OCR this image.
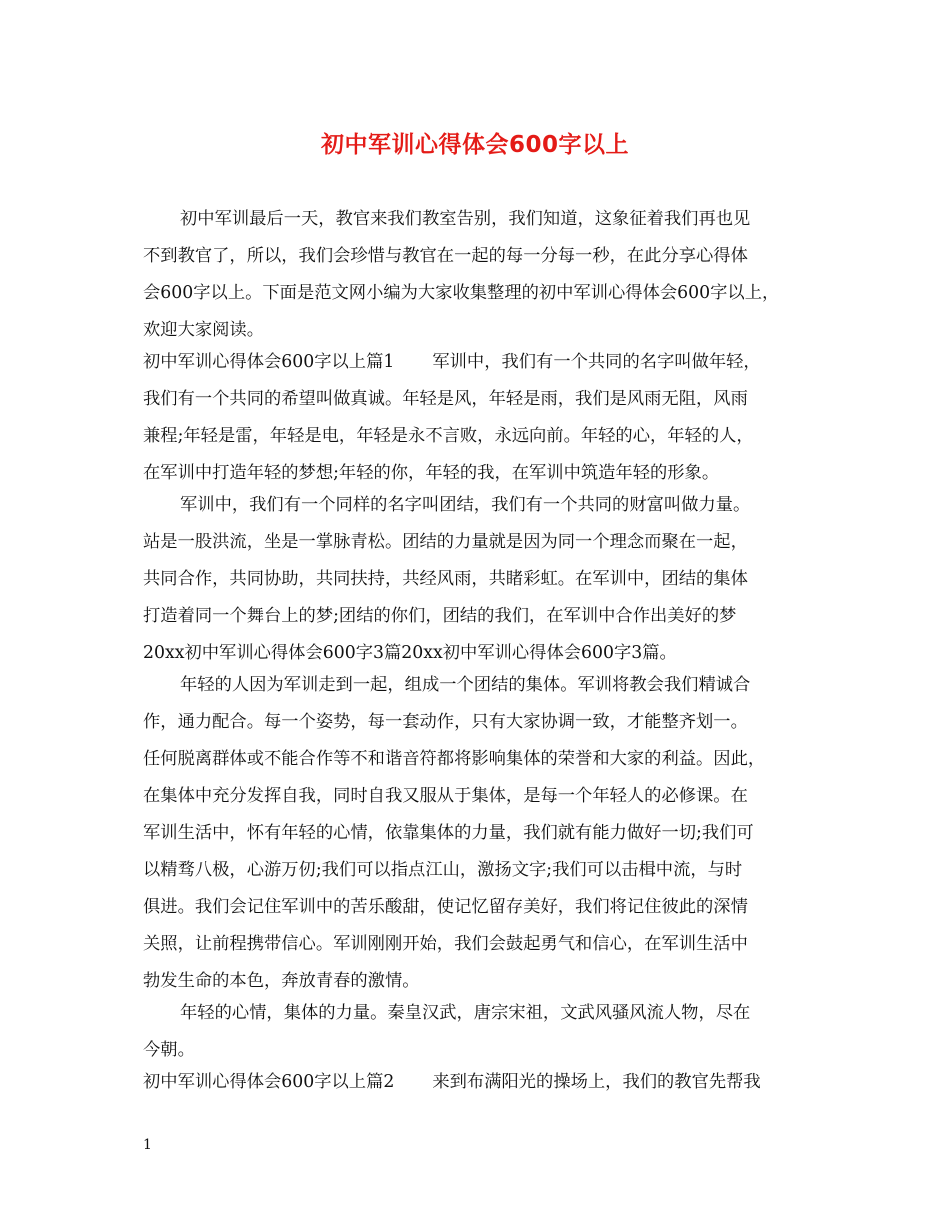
初中军训心得体会600字以上
初中军训最后一天，教官来我们教室告别，我们知道，这象征着我们再也见
不到教官了，所以，我们会珍惜与教官在一起的每一分每一秒，在此分享心得体
会600字以上。下面是范文网小编为大家收集整理的初中军训心得体会600字以上，
欢迎大家阅读。
初中军训心得体会600字以上篇1 军训中，我们有一个共同的名字叫做年轻，
我们有一个共同的希望叫做真诚。年轻是风，年轻是雨，我们是风雨无阻，风雨
兼程;年轻是雷，年轻是电，年轻是永不言败，永远向前。年轻的心，年轻的人，
在军训中打造年轻的梦想;年轻的你，年轻的我，在军训中筑造年轻的形象。
军训中，我们有一个同样的名字叫团结，我们有一个共同的财富叫做力量。
站是一股洪流，坐是一掌脉青松。团结的力量就是因为同一个理念而聚在一起，
共同合作，共同协助，共同扶持，共经风雨，共睹彩虹。在军训中，团结的集体
打造着同一个舞台上的梦;团结的你们，团结的我们，在军训中合作出美好的梦
20xx初中军训心得体会600字3篇20xx初中军训心得体会600字3篇。
年轻的人因为军训走到一起，组成一个团结的集体。军训将教会我们精诚合
作，通力配合。每一个姿势，每一套动作，只有大家协调一致，才能整齐划一。
任何脱离群体或不能合作等不和谐音符都将影响集体的荣誉和大家的利益。因此，
在集体中充分发挥自我，同时自我又服从于集体，是每一个年轻人的必修课。在
军训生活中，怀有年轻的心情，依靠集体的力量，我们就有能力做好一切;我们可
以精骛八极，心游万仞;我们可以指点江山，激扬文字;我们可以击楫中流，与时
俱进。我们会记住军训中的苦乐酸甜，使记忆留存美好，我们将记住彼此的深情
关照，让前程携带信心。军训刚刚开始，我们会鼓起勇气和信心，在军训生活中
勃发生命的本色，奔放青春的激情。
年轻的心情，集体的力量。秦皇汉武，唐宗宋祖，文武风骚风流人物，尽在
今朝。
初中军训心得体会600字以上篇2 来到布满阳光的操场上，我们的教官先帮我
1
